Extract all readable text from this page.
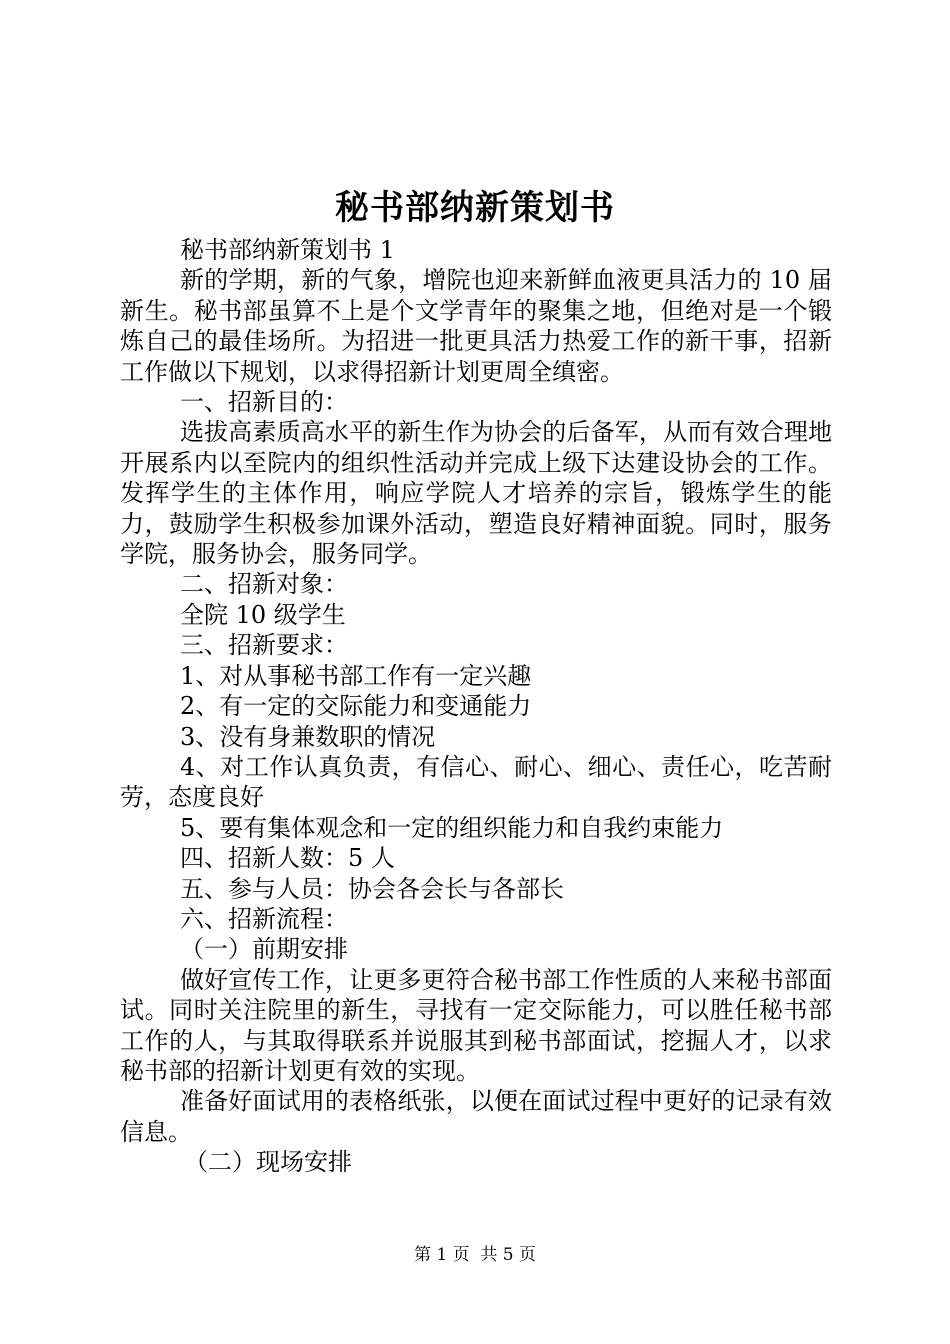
秘书部纳新策划书

秘书部纳新策划书 1

新的学期，新的气象，增院也迎来新鲜血液更具活力的 10 届新生。秘书部虽算不上是个文学青年的聚集之地，但绝对是一个锻炼自己的最佳场所。为招进一批更具活力热爱工作的新干事，招新工作做以下规划，以求得招新计划更周全缜密。

一、招新目的：

选拔高素质高水平的新生作为协会的后备军，从而有效合理地开展系内以至院内的组织性活动并完成上级下达建设协会的工作。发挥学生的主体作用，响应学院人才培养的宗旨，锻炼学生的能力，鼓励学生积极参加课外活动，塑造良好精神面貌。同时，服务学院，服务协会，服务同学。

二、招新对象：

全院 10 级学生

三、招新要求：

1、对从事秘书部工作有一定兴趣

2、有一定的交际能力和变通能力

3、没有身兼数职的情况

4、对工作认真负责，有信心、耐心、细心、责任心，吃苦耐劳，态度良好

5、要有集体观念和一定的组织能力和自我约束能力

四、招新人数：5 人

五、参与人员：协会各会长与各部长

六、招新流程：

（一）前期安排

做好宣传工作，让更多更符合秘书部工作性质的人来秘书部面试。同时关注院里的新生，寻找有一定交际能力，可以胜任秘书部工作的人，与其取得联系并说服其到秘书部面试，挖掘人才，以求秘书部的招新计划更有效的实现。

准备好面试用的表格纸张，以便在面试过程中更好的记录有效信息。

（二）现场安排

第 1 页  共 5 页
